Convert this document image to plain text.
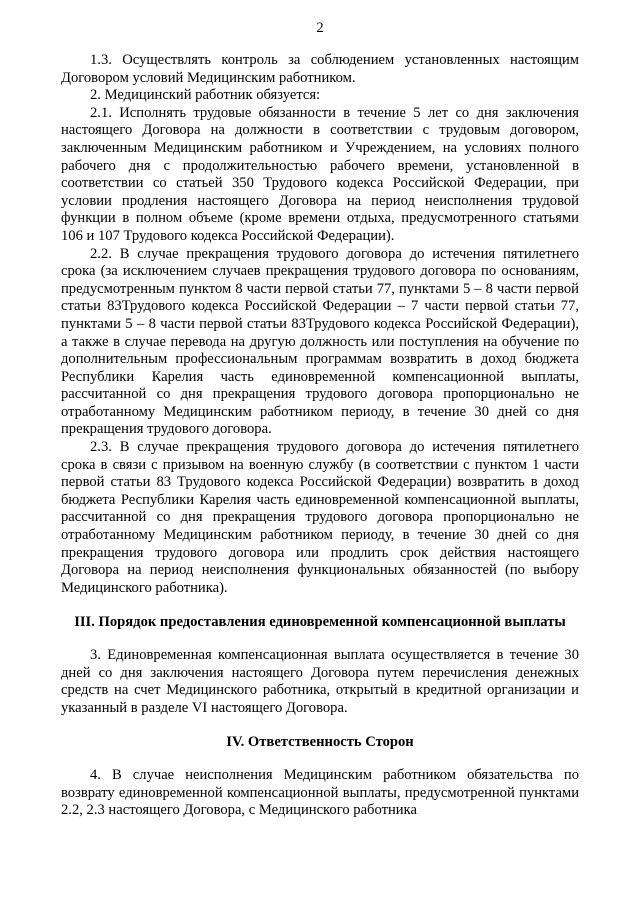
2

1.3. Осуществлять контроль за соблюдением установленных настоящим Договором условий Медицинским работником.

2. Медицинский работник обязуется:

2.1. Исполнять трудовые обязанности в течение 5 лет со дня заключения настоящего Договора на должности в соответствии с трудовым договором, заключенным Медицинским работником и Учреждением, на условиях полного рабочего дня с продолжительностью рабочего времени, установленной в соответствии со статьей 350 Трудового кодекса Российской Федерации, при условии продления настоящего Договора на период неисполнения трудовой функции в полном объеме (кроме времени отдыха, предусмотренного статьями 106 и 107 Трудового кодекса Российской Федерации).

2.2. В случае прекращения трудового договора до истечения пятилетнего срока (за исключением случаев прекращения трудового договора по основаниям, предусмотренным пунктом 8 части первой статьи 77, пунктами 5 – 8 части первой статьи 83Трудового кодекса Российской Федерации – 7 части первой статьи 77, пунктами 5 – 8 части первой статьи 83Трудового кодекса Российской Федерации), а также в случае перевода на другую должность или поступления на обучение по дополнительным профессиональным программам возвратить в доход бюджета Республики Карелия часть единовременной компенсационной выплаты, рассчитанной со дня прекращения трудового договора пропорционально не отработанному Медицинским работником периоду, в течение 30 дней со дня прекращения трудового договора.

2.3. В случае прекращения трудового договора до истечения пятилетнего срока в связи с призывом на военную службу (в соответствии с пунктом 1 части первой статьи 83 Трудового кодекса Российской Федерации) возвратить в доход бюджета Республики Карелия часть единовременной компенсационной выплаты, рассчитанной со дня прекращения трудового договора пропорционально не отработанному Медицинским работником периоду, в течение 30 дней со дня прекращения трудового договора или продлить срок действия настоящего Договора на период неисполнения функциональных обязанностей (по выбору Медицинского работника).

III. Порядок предоставления единовременной компенсационной выплаты

3. Единовременная компенсационная выплата осуществляется в течение 30 дней со дня заключения настоящего Договора путем перечисления денежных средств на счет Медицинского работника, открытый в кредитной организации и указанный в разделе VI настоящего Договора.

IV. Ответственность Сторон

4. В случае неисполнения Медицинским работником обязательства по возврату единовременной компенсационной выплаты, предусмотренной пунктами 2.2, 2.3 настоящего Договора, с Медицинского работника
